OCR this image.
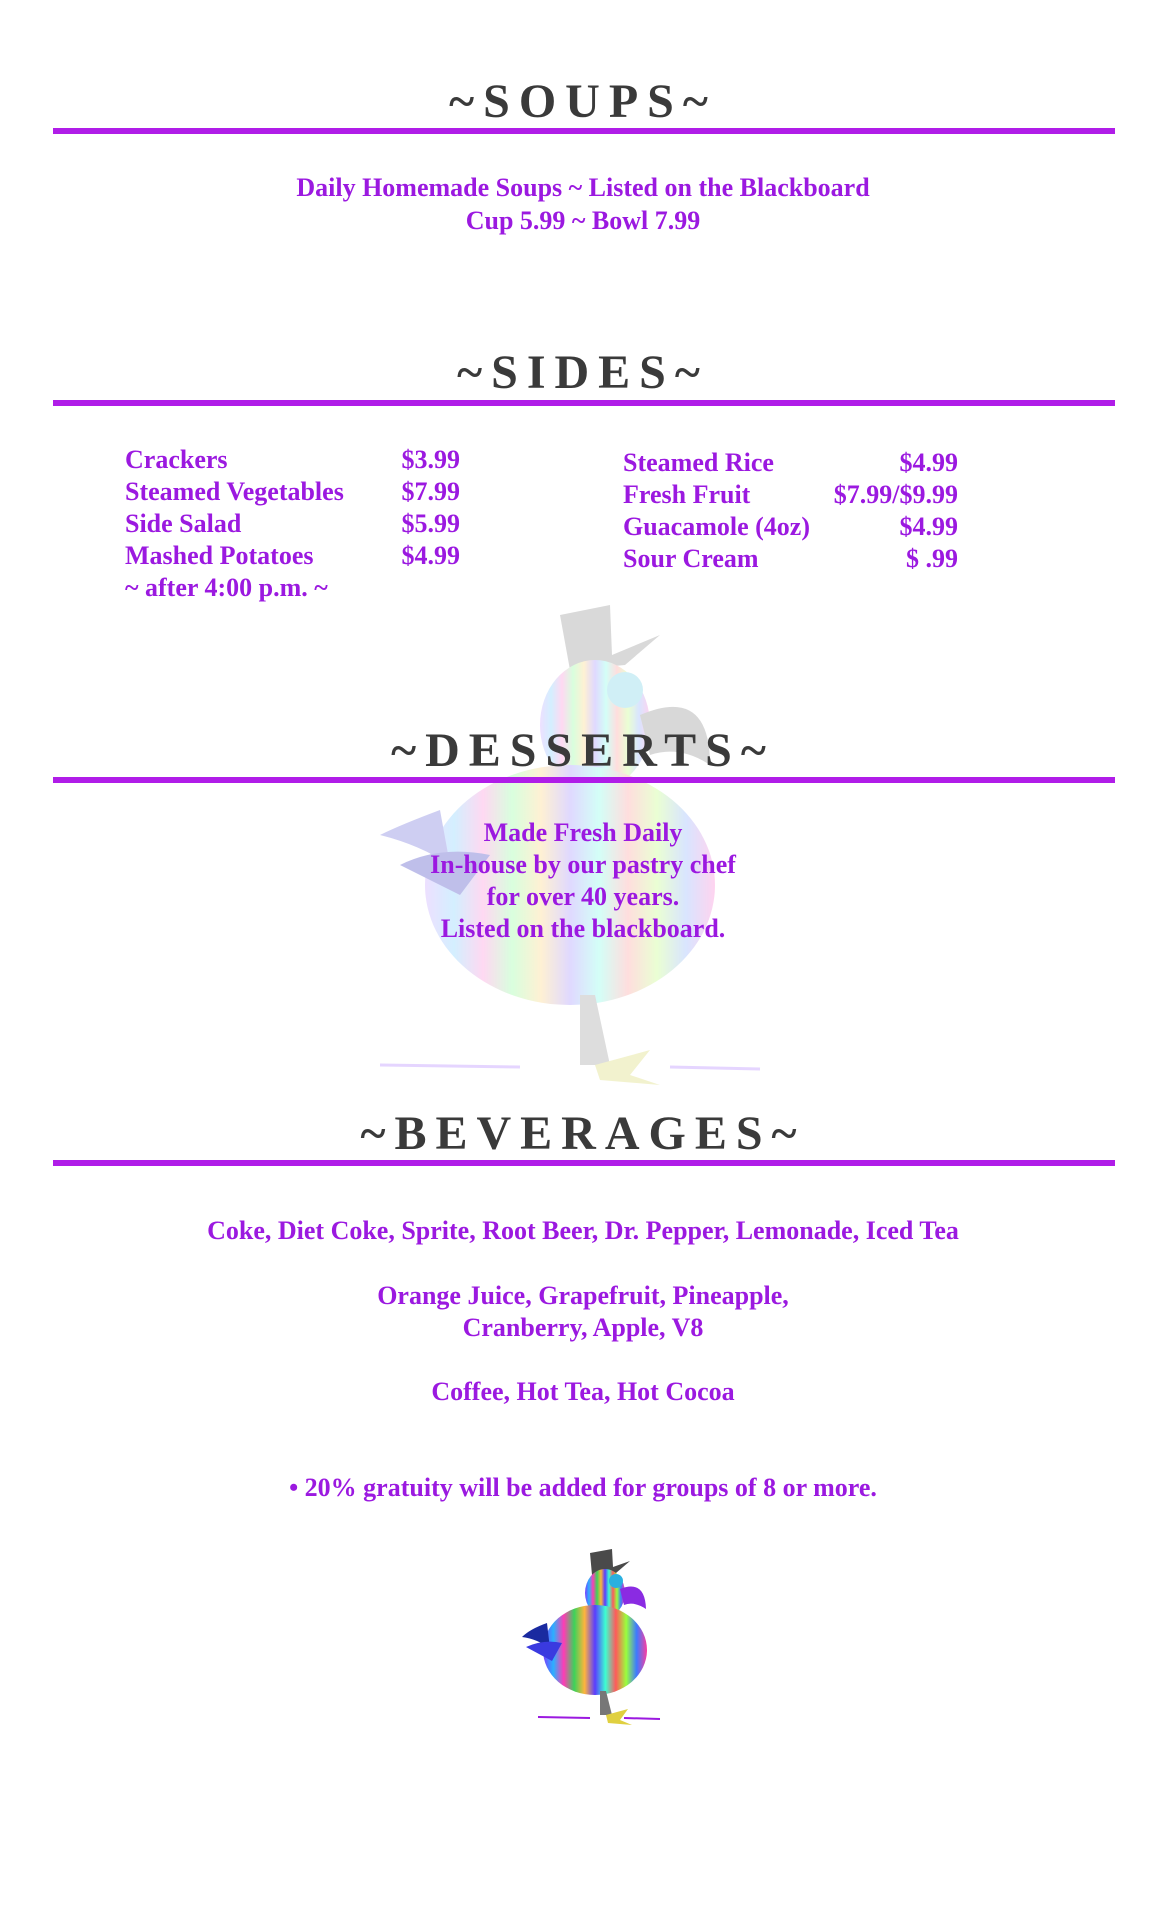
~SOUPS~
Daily Homemade Soups ~ Listed on the Blackboard
Cup 5.99 ~ Bowl 7.99
~SIDES~
Crackers	$3.99
Steamed Vegetables	$7.99
Side Salad	$5.99
Mashed Potatoes	$4.99
~ after 4:00 p.m. ~
Steamed Rice	$4.99
Fresh Fruit	$7.99/$9.99
Guacamole (4oz)	$4.99
Sour Cream	$ .99
~DESSERTS~
Made Fresh Daily
In-house by our pastry chef
for over 40 years.
Listed on the blackboard.
~BEVERAGES~
Coke, Diet Coke, Sprite, Root Beer, Dr. Pepper, Lemonade, Iced Tea
Orange Juice, Grapefruit, Pineapple,
Cranberry, Apple, V8
Coffee, Hot Tea, Hot Cocoa
• 20% gratuity will be added for groups of 8 or more.
